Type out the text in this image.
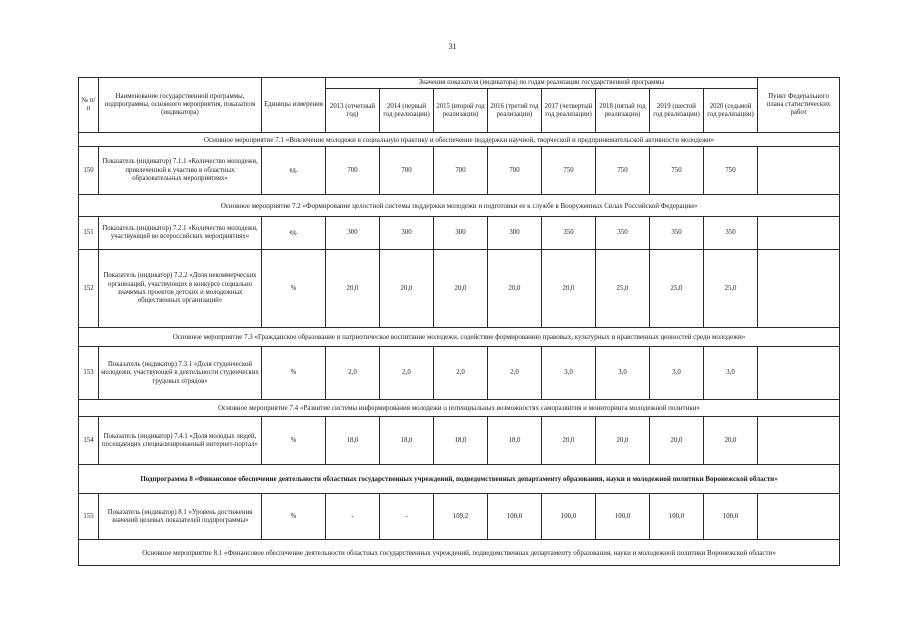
31
№ п/п	Наименование государственной программы, подпрограммы, основного мероприятия, показателя (индикатора)	Единицы измерения	Значения показателя (индикатора) по годам реализации государственной программы								Пункт Федерального плана статистических работ
			2013 (отчетный год)	2014 (первый год реализации)	2015 (второй год реализации)	2016 (третий год реализации)	2017 (четвертый год реализации)	2018 (пятый год реализации)	2019 (шестой год реализации)	2020 (седьмой год реализации)	
Основное мероприятие 7.1 «Вовлечение молодежи в социальную практику и обеспечение поддержки научной, творческой и предпринимательской активности молодежи»											
150	Показатель (индикатор) 7.1.1 «Количество молодежи, привлеченной к участию в областных образовательных мероприятиях»	ед.	700	700	700	700	750	750	750	750	
Основное мероприятие 7.2 «Формирование целостной системы поддержки молодежи и подготовки ее к службе в Вооруженных Силах Российской Федерации»											
151	Показатель (индикатор) 7.2.1 «Количество молодежи, участвующей во всероссийских мероприятиях»	ед.	300	300	300	300	350	350	350	350	
152	Показатель (индикатор) 7.2.2 «Доля некоммерческих организаций, участвующих в конкурсе социально значимых проектов детских и молодежных общественных организаций»	%	20,0	20,0	20,0	20,0	20,0	25,0	25,0	25,0	
Основное мероприятие 7.3 «Гражданское образование и патриотическое воспитание молодежи, содействие формированию правовых, культурных и нравственных ценностей среди молодежи»											
153	Показатель (индикатор) 7.3.1 «Доля студенческой молодежи, участвующей в деятельности студенческих трудовых отрядов»	%	2,0	2,0	2,0	2,0	3,0	3,0	3,0	3,0	
Основное мероприятие 7.4 «Развитие системы информирования молодежи о потенциальных возможностях саморазвития и мониторинга молодежной политики»											
154	Показатель (индикатор) 7.4.1 «Доля молодых людей, посещающих специализированный интернет-портал»	%	18,0	18,0	18,0	18,0	20,0	20,0	20,0	20,0	
Подпрограмма 8 «Финансовое обеспечение деятельности областных государственных учреждений, подведомственных департаменту образования, науки и молодежной политики Воронежской области»											
155	Показатель (индикатор) 8.1 «Уровень достижения значений целевых показателей подпрограммы»	%	-	-	109,2	100,0	100,0	100,0	100,0	100,0	
Основное мероприятие 8.1 «Финансовое обеспечение деятельности областных государственных учреждений, подведомственных департаменту образования, науки и молодежной политики Воронежской области»											
